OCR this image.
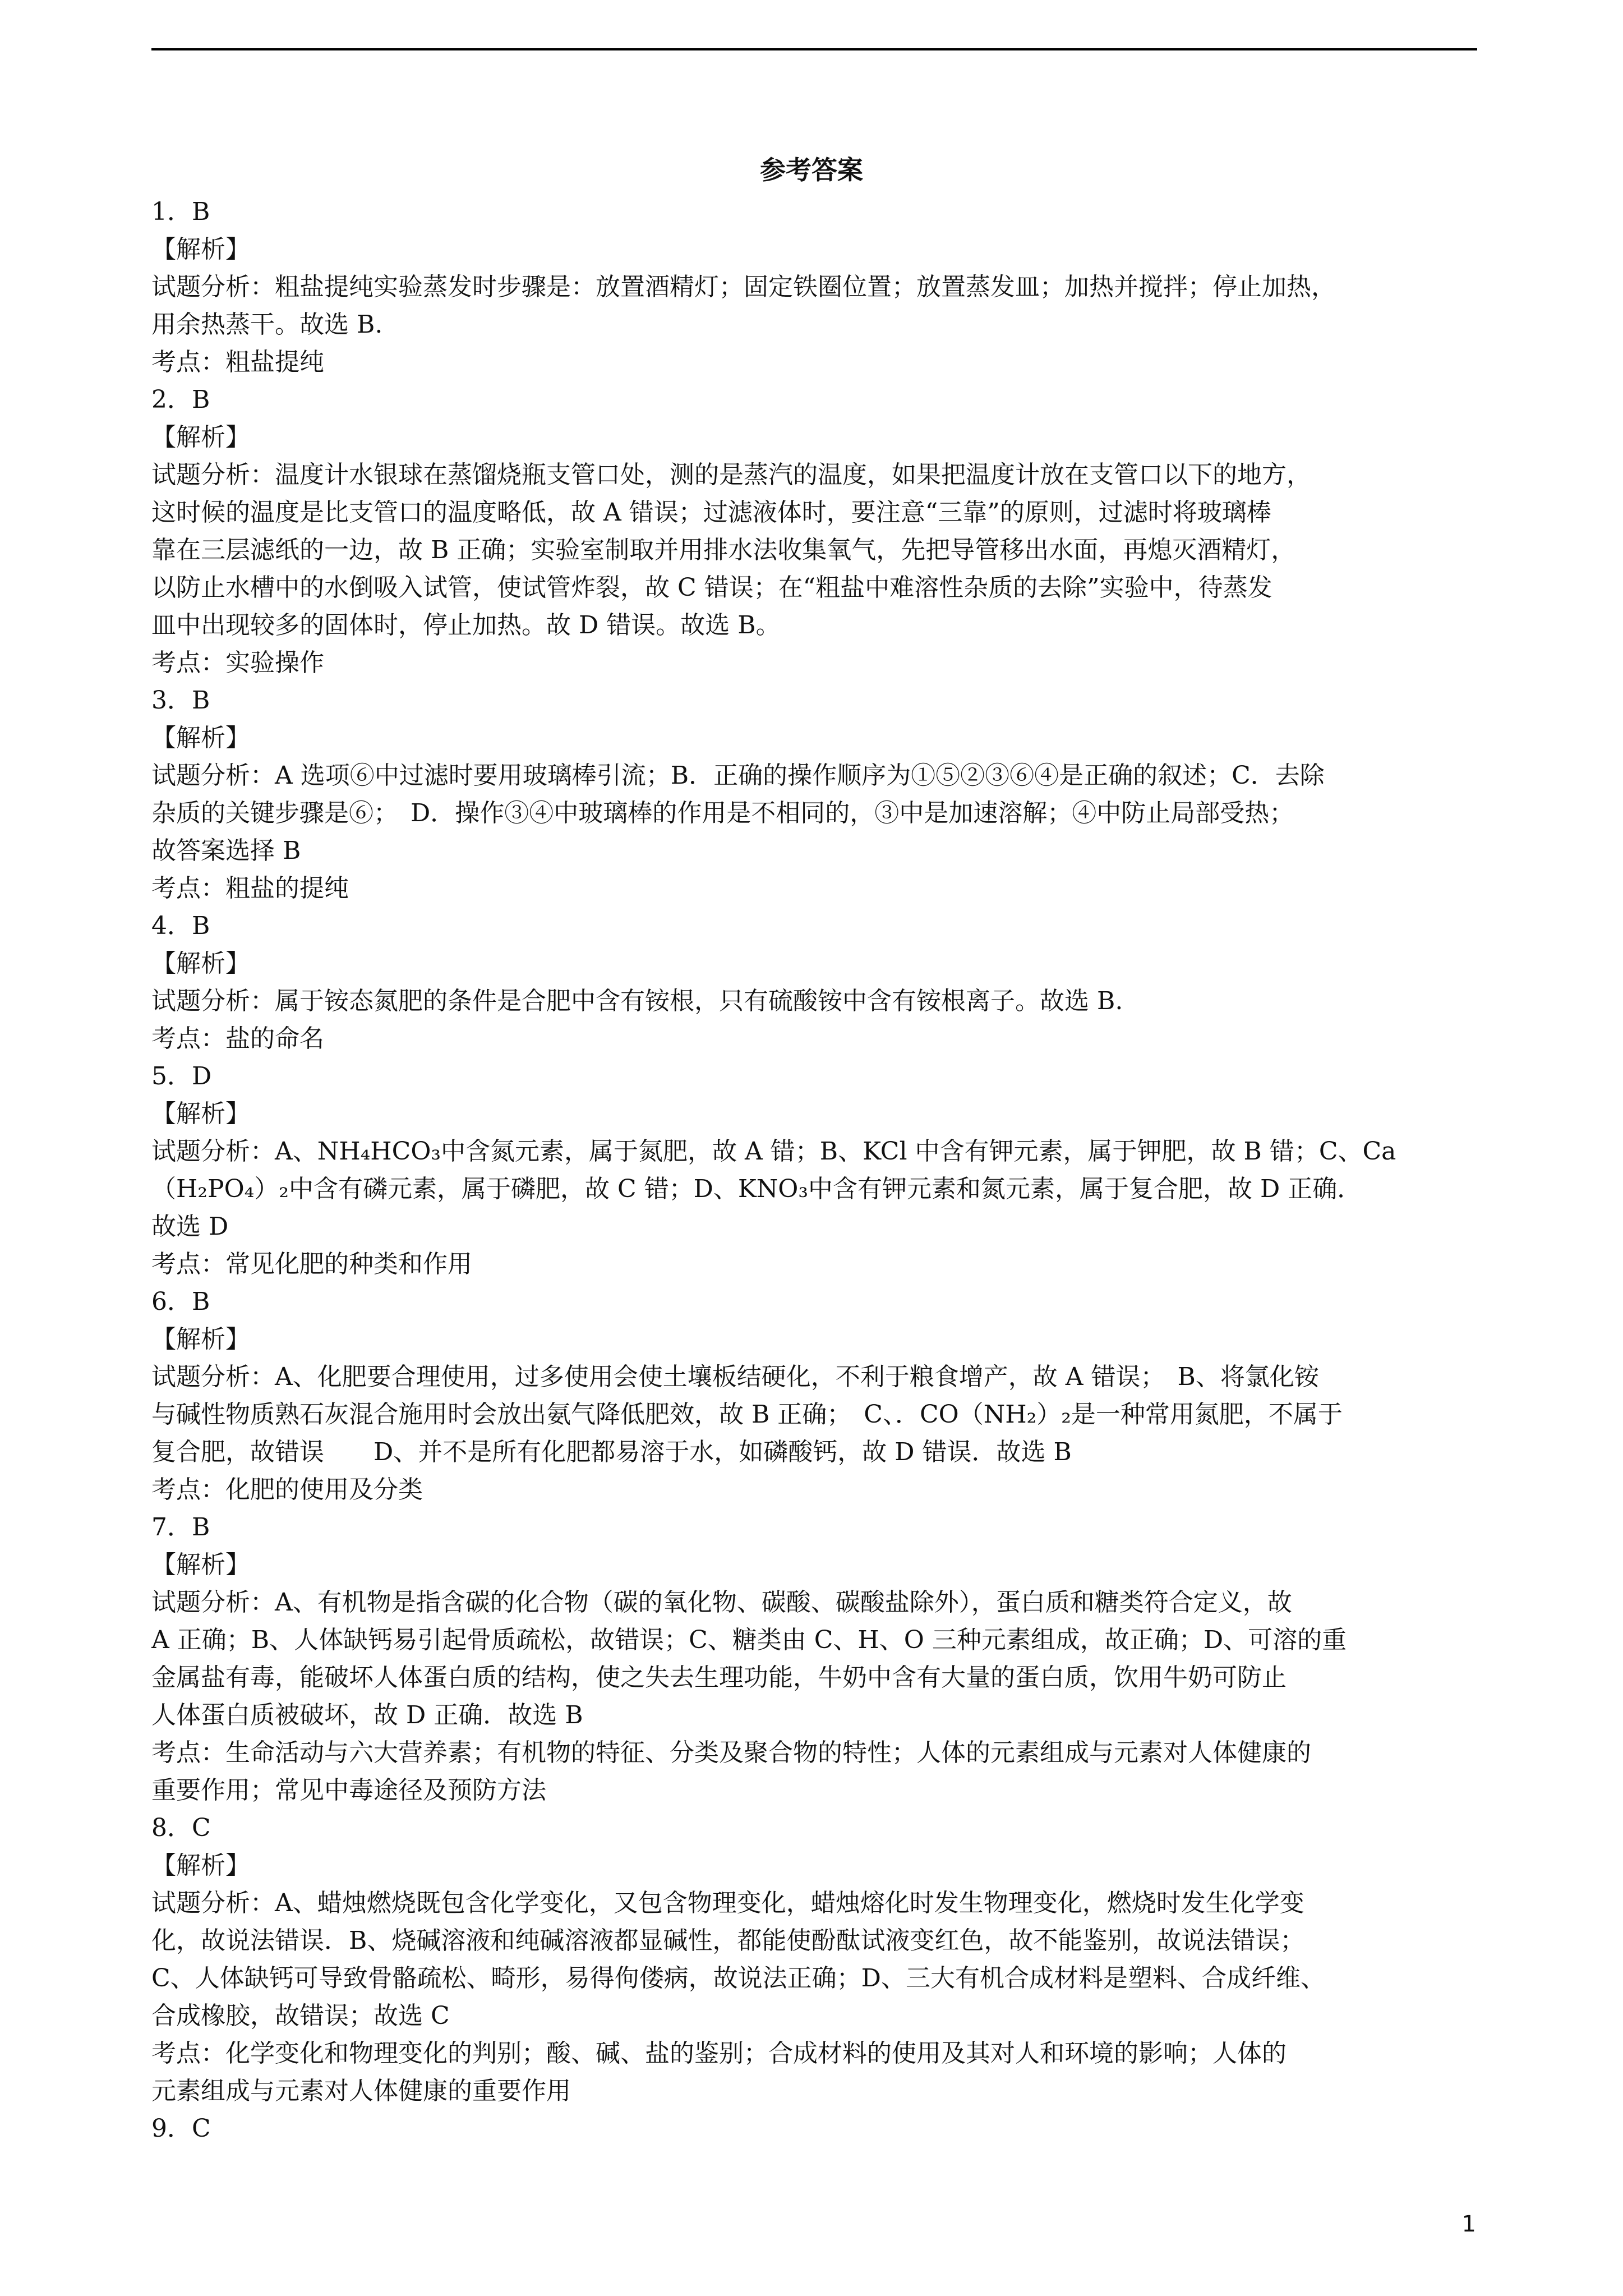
参考答案
1．B
【解析】
试题分析：粗盐提纯实验蒸发时步骤是：放置酒精灯；固定铁圈位置；放置蒸发皿；加热并搅拌；停止加热，
用余热蒸干。故选 B.
考点：粗盐提纯
2．B
【解析】
试题分析：温度计水银球在蒸馏烧瓶支管口处，测的是蒸汽的温度，如果把温度计放在支管口以下的地方，
这时候的温度是比支管口的温度略低，故 A 错误；过滤液体时，要注意“三靠”的原则，过滤时将玻璃棒
靠在三层滤纸的一边，故 B 正确；实验室制取并用排水法收集氧气，先把导管移出水面，再熄灭酒精灯，
以防止水槽中的水倒吸入试管，使试管炸裂，故 C 错误；在“粗盐中难溶性杂质的去除”实验中，待蒸发
皿中出现较多的固体时，停止加热。故 D 错误。故选 B。
考点：实验操作
3．B
【解析】
试题分析：A 选项⑥中过滤时要用玻璃棒引流；B．正确的操作顺序为①⑤②③⑥④是正确的叙述；C．去除
杂质的关键步骤是⑥；　D．操作③④中玻璃棒的作用是不相同的，③中是加速溶解；④中防止局部受热；
故答案选择 B
考点：粗盐的提纯
4．B
【解析】
试题分析：属于铵态氮肥的条件是合肥中含有铵根，只有硫酸铵中含有铵根离子。故选 B.
考点：盐的命名
5．D
【解析】
试题分析：A、NH₄HCO₃中含氮元素，属于氮肥，故 A 错；B、KCl 中含有钾元素，属于钾肥，故 B 错；C、Ca
（H₂PO₄）₂中含有磷元素，属于磷肥，故 C 错；D、KNO₃中含有钾元素和氮元素，属于复合肥，故 D 正确．
故选 D
考点：常见化肥的种类和作用
6．B
【解析】
试题分析：A、化肥要合理使用，过多使用会使土壤板结硬化，不利于粮食增产，故 A 错误；　B、将氯化铵
与碱性物质熟石灰混合施用时会放出氨气降低肥效，故 B 正确；　C、．CO（NH₂）₂是一种常用氮肥，不属于
复合肥，故错误　　D、并不是所有化肥都易溶于水，如磷酸钙，故 D 错误．故选 B
考点：化肥的使用及分类
7．B
【解析】
试题分析：A、有机物是指含碳的化合物（碳的氧化物、碳酸、碳酸盐除外），蛋白质和糖类符合定义，故
A 正确；B、人体缺钙易引起骨质疏松，故错误；C、糖类由 C、H、O 三种元素组成，故正确；D、可溶的重
金属盐有毒，能破坏人体蛋白质的结构，使之失去生理功能，牛奶中含有大量的蛋白质，饮用牛奶可防止
人体蛋白质被破坏，故 D 正确．故选 B
考点：生命活动与六大营养素；有机物的特征、分类及聚合物的特性；人体的元素组成与元素对人体健康的
重要作用；常见中毒途径及预防方法
8．C
【解析】
试题分析：A、蜡烛燃烧既包含化学变化，又包含物理变化，蜡烛熔化时发生物理变化，燃烧时发生化学变
化，故说法错误．B、烧碱溶液和纯碱溶液都显碱性，都能使酚酞试液变红色，故不能鉴别，故说法错误；
C、人体缺钙可导致骨骼疏松、畸形，易得佝偻病，故说法正确；D、三大有机合成材料是塑料、合成纤维、
合成橡胶，故错误；故选 C
考点：化学变化和物理变化的判别；酸、碱、盐的鉴别；合成材料的使用及其对人和环境的影响；人体的
元素组成与元素对人体健康的重要作用
9．C
1
